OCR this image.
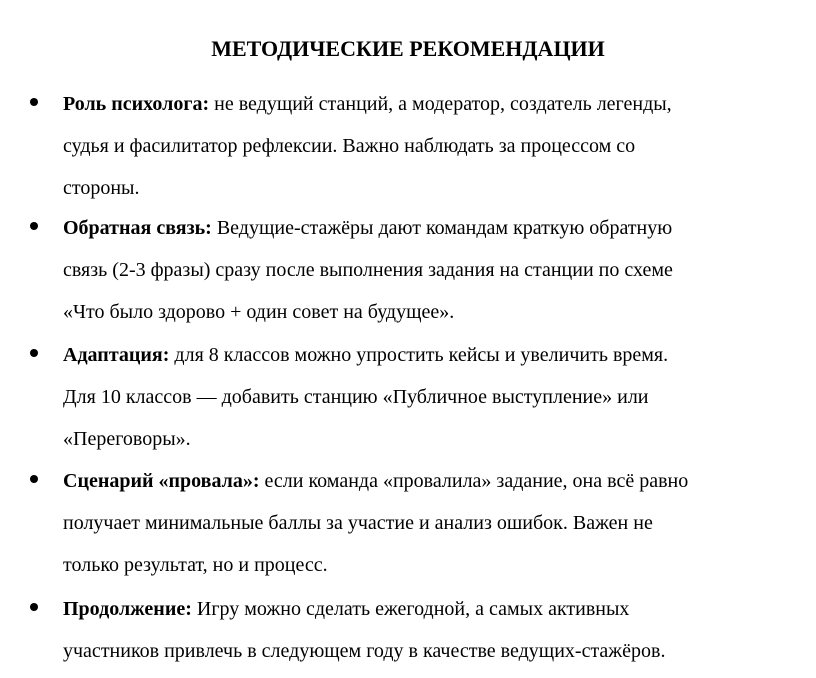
МЕТОДИЧЕСКИЕ РЕКОМЕНДАЦИИ
Роль психолога: не ведущий станций, а модератор, создатель легенды,
судья и фасилитатор рефлексии. Важно наблюдать за процессом со
стороны.
Обратная связь: Ведущие-стажёры дают командам краткую обратную
связь (2-3 фразы) сразу после выполнения задания на станции по схеме
«Что было здорово + один совет на будущее».
Адаптация: для 8 классов можно упростить кейсы и увеличить время.
Для 10 классов — добавить станцию «Публичное выступление» или
«Переговоры».
Сценарий «провала»: если команда «провалила» задание, она всё равно
получает минимальные баллы за участие и анализ ошибок. Важен не
только результат, но и процесс.
Продолжение: Игру можно сделать ежегодной, а самых активных
участников привлечь в следующем году в качестве ведущих-стажёров.
